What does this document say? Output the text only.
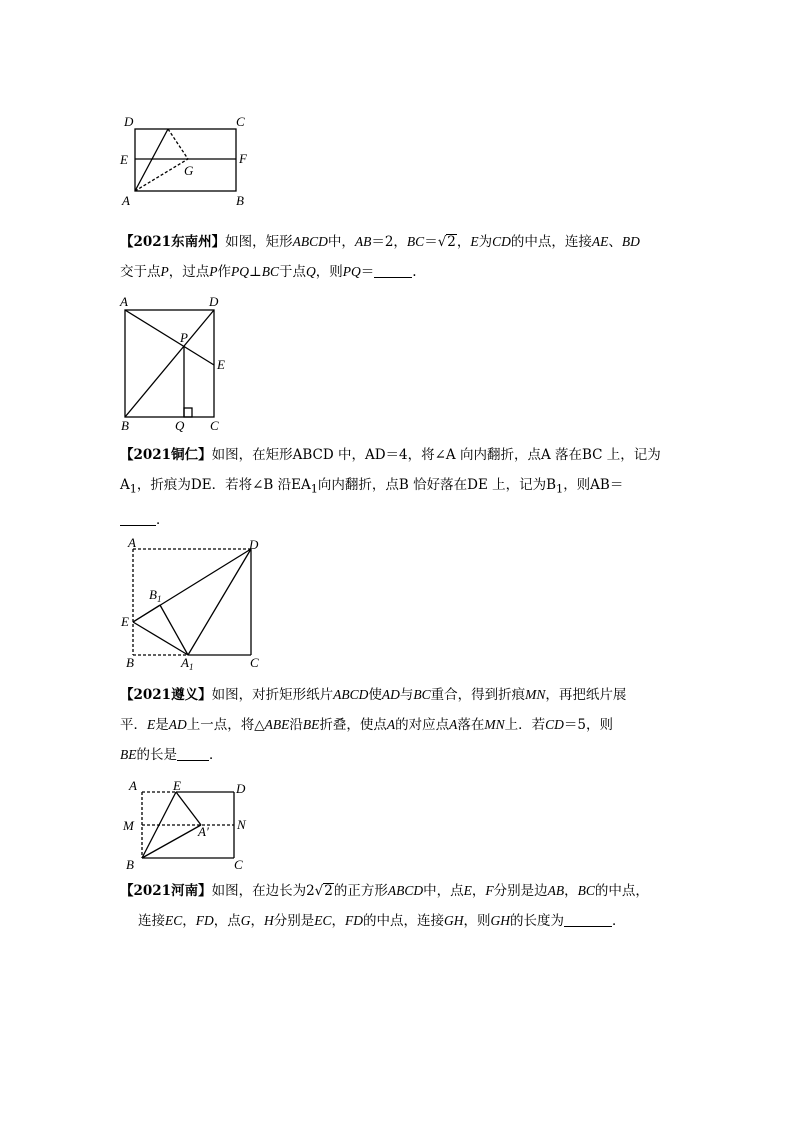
D	C
E	F
G
A	B
【2021东南州】如图，矩形ABCD中，AB＝2，BC＝√2，E为CD的中点，连接AE、BD
交于点P，过点P作PQ⊥BC于点Q，则PQ＝	.
A	D
P
E
B	Q C
【2021铜仁】如图，在矩形ABCD 中，AD＝4，将∠A 向内翻折，点A 落在BC 上，记为
$A_1$，折痕为DE．若将∠B 沿$EA_1$向内翻折，点B 恰好落在DE 上，记为$B_1$，则AB＝
．
A	D
$B_1$
E
B	$A_1$	C
【2021遵义】如图，对折矩形纸片ABCD使AD与BC重合，得到折痕MN，再把纸片展
平．E是AD上一点，将△ABE沿BE折叠，使点A的对应点A落在MN上．若CD＝5，则
BE的长是 ．
A	E	D
M	A′ N
B	C
【2021河南】如图，在边长为2√2的正方形ABCD中，点E，F分别是边AB，BC的中点，
连接EC，FD，点G，H分别是EC，FD的中点，连接GH，则GH的长度为	．
